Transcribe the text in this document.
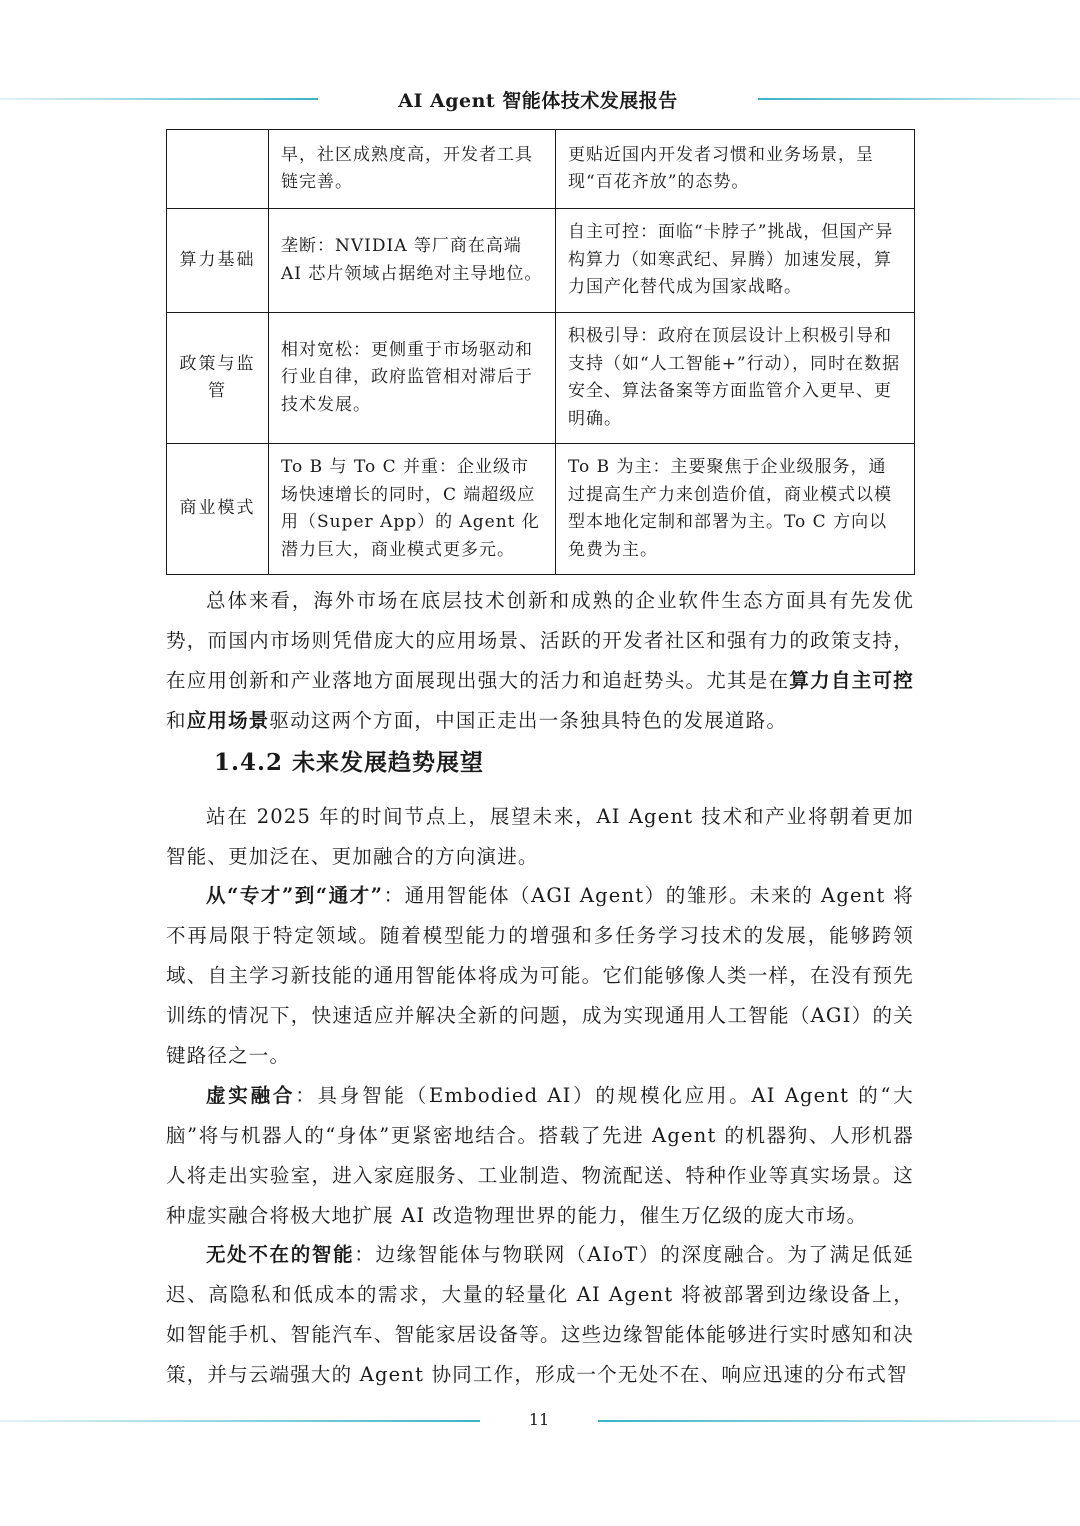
AI Agent 智能体技术发展报告
	早，社区成熟度高，开发者工具链完善。	更贴近国内开发者习惯和业务场景，呈现“百花齐放”的态势。
算力基础	垄断：NVIDIA 等厂商在高端 AI 芯片领域占据绝对主导地位。	自主可控：面临“卡脖子”挑战，但国产异构算力（如寒武纪、昇腾）加速发展，算力国产化替代成为国家战略。
政策与监管	相对宽松：更侧重于市场驱动和行业自律，政府监管相对滞后于技术发展。	积极引导：政府在顶层设计上积极引导和支持（如“人工智能+”行动），同时在数据安全、算法备案等方面监管介入更早、更明确。
商业模式	To B 与 To C 并重：企业级市场快速增长的同时，C 端超级应用（Super App）的 Agent 化潜力巨大，商业模式更多元。	To B 为主：主要聚焦于企业级服务，通过提高生产力来创造价值，商业模式以模型本地化定制和部署为主。To C 方向以免费为主。

总体来看，海外市场在底层技术创新和成熟的企业软件生态方面具有先发优势，而国内市场则凭借庞大的应用场景、活跃的开发者社区和强有力的政策支持，在应用创新和产业落地方面展现出强大的活力和追赶势头。尤其是在算力自主可控和应用场景驱动这两个方面，中国正走出一条独具特色的发展道路。

1.4.2 未来发展趋势展望

站在 2025 年的时间节点上，展望未来，AI Agent 技术和产业将朝着更加智能、更加泛在、更加融合的方向演进。

从“专才”到“通才”：通用智能体（AGI Agent）的雏形。未来的 Agent 将不再局限于特定领域。随着模型能力的增强和多任务学习技术的发展，能够跨领域、自主学习新技能的通用智能体将成为可能。它们能够像人类一样，在没有预先训练的情况下，快速适应并解决全新的问题，成为实现通用人工智能（AGI）的关键路径之一。

虚实融合：具身智能（Embodied AI）的规模化应用。AI Agent 的“大脑”将与机器人的“身体”更紧密地结合。搭载了先进 Agent 的机器狗、人形机器人将走出实验室，进入家庭服务、工业制造、物流配送、特种作业等真实场景。这种虚实融合将极大地扩展 AI 改造物理世界的能力，催生万亿级的庞大市场。

无处不在的智能：边缘智能体与物联网（AIoT）的深度融合。为了满足低延迟、高隐私和低成本的需求，大量的轻量化 AI Agent 将被部署到边缘设备上，如智能手机、智能汽车、智能家居设备等。这些边缘智能体能够进行实时感知和决策，并与云端强大的 Agent 协同工作，形成一个无处不在、响应迅速的分布式智

11
